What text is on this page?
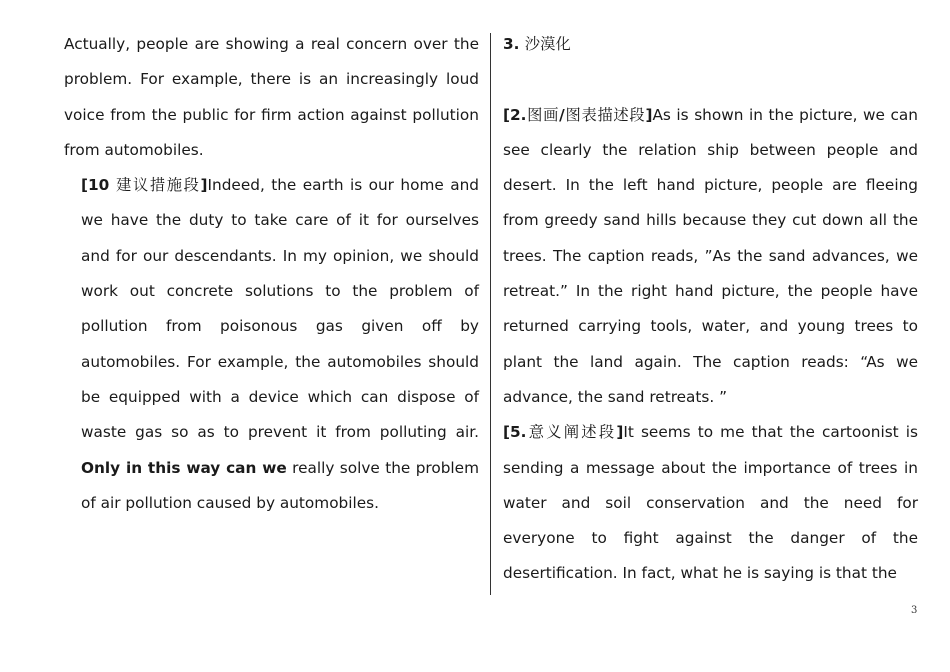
Actually, people are showing a real concern over the problem. For example, there is an increasingly loud voice from the public for firm action against pollution from automobiles.

[10 建议措施段]Indeed, the earth is our home and we have the duty to take care of it for ourselves and for our descendants. In my opinion, we should work out concrete solutions to the problem of pollution from poisonous gas given off by automobiles. For example, the automobiles should be equipped with a device which can dispose of waste gas so as to prevent it from polluting air. Only in this way can we really solve the problem of air pollution caused by automobiles.

3. 沙漠化

[2.图画/图表描述段]As is shown in the picture, we can see clearly the relation ship between people and desert. In the left hand picture, people are fleeing from greedy sand hills because they cut down all the trees. The caption reads, ”As the sand advances, we retreat.” In the right hand picture, the people have returned carrying tools, water, and young trees to plant the land again. The caption reads: “As we advance, the sand retreats. ”

[5.意义阐述段]It seems to me that the cartoonist is sending a message about the importance of trees in water and soil conservation and the need for everyone to fight against the danger of the desertification. In fact, what he is saying is that the

3
